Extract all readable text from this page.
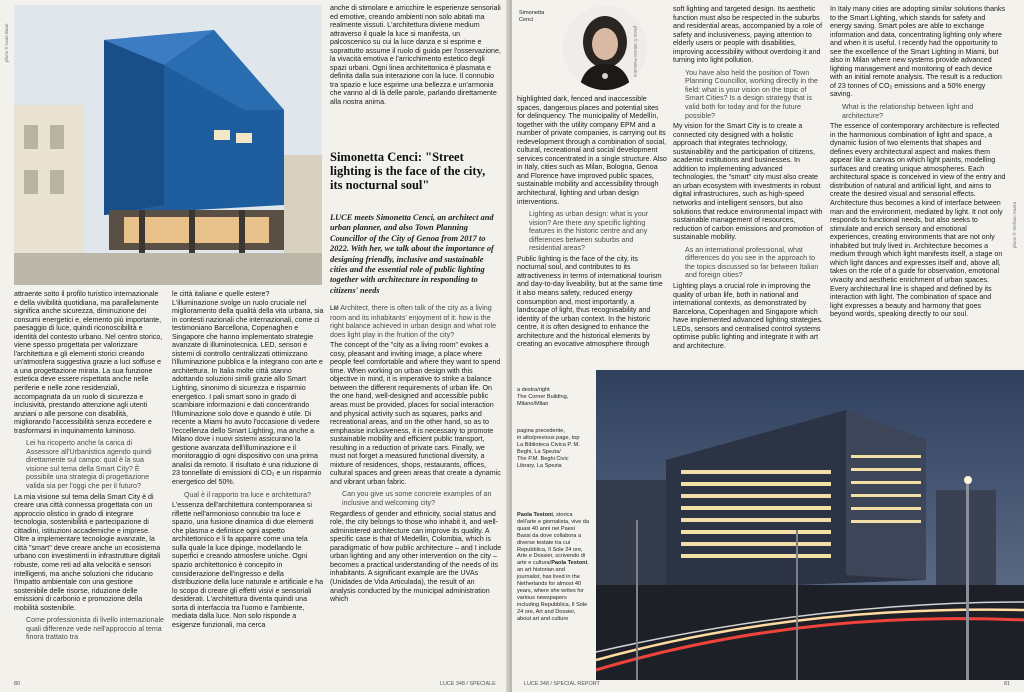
photo © Iwan Baan
Simonetta Cenci: "Street lighting is the face of the city, its nocturnal soul"
LUCE meets Simonetta Cenci, an architect and urban planner, and also Town Planning Councillor of the City of Genoa from 2017 to 2022. With her, we talk about the importance of designing friendly, inclusive and sustainable cities and the essential role of public lighting together with architecture in responding to citizens' needs

anche di stimolare e arricchire le esperienze sensoriali ed emotive, creando ambienti non solo abitati ma realmente vissuti. L'architettura diviene medium attraverso il quale la luce si manifesta, un palcoscenico su cui la luce danza e si esprime e soprattutto assume il ruolo di guida per l'osservazione, la vivacità emotiva e l'arricchimento estetico degli spazi urbani. Ogni linea architettonica è plasmata e definita dalla sua interazione con la luce. Il connubio tra spazio e luce esprime una bellezza e un'armonia che vanno al di là delle parole, parlando direttamente alla nostra anima.

attraente sotto il profilo turistico internazionale e della vivibilità quotidiana, ma parallelamente significa anche sicurezza, diminuzione dei consumi energetici e, elemento più importante, paesaggio di luce, quindi riconoscibilità e identità del contesto urbano. Nel centro storico, viene spesso progettata per valorizzare l'architettura e gli elementi storici creando un'atmosfera suggestiva grazie a luci soffuse e a una progettazione mirata. La sua funzione estetica deve essere rispettata anche nelle periferie e nelle zone residenziali, accompagnata da un ruolo di sicurezza e inclusività, prestando attenzione agli utenti anziani o alle persone con disabilità, migliorando l'accessibilità senza eccedere e trasformarsi in inquinamento luminoso.

Lei ha ricoperto anche la carica di Assessore all'Urbanistica agendo quindi direttamente sul campo: qual è la sua visione sul tema della Smart City? È possibile una strategia di progettazione valida sia per l'oggi che per il futuro?

La mia visione sul tema della Smart City è di creare una città connessa progettata con un approccio olistico in grado di integrare tecnologia, sostenibilità e partecipazione di cittadini, istituzioni accademiche e imprese. Oltre a implementare tecnologie avanzate, la città "smart" deve creare anche un ecosistema urbano con investimenti in infrastrutture digitali robuste, come reti ad alta velocità e sensori intelligenti, ma anche soluzioni che riducano l'impatto ambientale con una gestione sostenibile delle risorse, riduzione delle emissioni di carbonio e promozione della mobilità sostenibile.

Come professionista di livello internazionale quali differenze vede nell'approccio al tema finora trattato tra

le città italiane e quelle estere?

L'illuminazione svolge un ruolo cruciale nel miglioramento della qualità della vita urbana, sia in contesti nazionali che internazionali, come ci testimoniano Barcellona, Copenaghen e Singapore che hanno implementato strategie avanzate di illuminotecnica. LED, sensori e sistemi di controllo centralizzati ottimizzano l'illuminazione pubblica e la integrano con arte e architettura. In Italia molte città stanno adottando soluzioni simili grazie allo Smart Lighting, sinonimo di sicurezza e risparmio energetico. I pali smart sono in grado di scambiare informazioni e dati concentrando l'illuminazione solo dove e quando è utile. Di recente a Miami ho avuto l'occasione di vedere l'eccellenza dello Smart Lighting, ma anche a Milano dove i nuovi sistemi assicurano la gestione avanzata dell'illuminazione e il monitoraggio di ogni dispositivo con una prima analisi da remoto. Il risultato è una riduzione di 23 tonnellate di emissioni di CO₂ e un risparmio energetico del 50%.

Qual è il rapporto tra luce e architettura?

L'essenza dell'architettura contemporanea si riflette nell'armonioso connubio tra luce e spazio, una fusione dinamica di due elementi che plasma e definisce ogni aspetto architettonico e li fa apparire come una tela sulla quale la luce dipinge, modellando le superfici e creando atmosfere uniche. Ogni spazio architettonico è concepito in considerazione dell'ingresso e della distribuzione della luce naturale e artificiale e ha lo scopo di creare gli effetti visivi e sensoriali desiderati. L'architettura diventa quindi una sorta di interfaccia tra l'uomo e l'ambiente, mediata dalla luce. Non solo risponde a esigenze funzionali, ma cerca

LM Architect, there is often talk of the city as a living room and its inhabitants' enjoyment of it: how is the right balance achieved in urban design and what role does light play in the fruition of the city?

The concept of the "city as a living room" evokes a cosy, pleasant and inviting image, a place where people feel comfortable and where they want to spend time. When working on urban design with this objective in mind, it is imperative to strike a balance between the different requirements of urban life. On the one hand, well-designed and accessible public areas must be provided, places for social interaction and physical activity such as squares, parks and recreational areas, and on the other hand, so as to emphasise inclusiveness, it is necessary to promote sustainable mobility and efficient public transport, resulting in a reduction of private cars. Finally, we must not forget a measured functional diversity, a mixture of residences, shops, restaurants, offices, cultural spaces and green areas that create a dynamic and vibrant urban fabric.

Can you give us some concrete examples of an inclusive and welcoming city?

Regardless of gender and ethnicity, social status and role, the city belongs to those who inhabit it, and well-administered architecture can improve its quality. A specific case is that of Medellin, Colombia, which is paradigmatic of how public architecture – and I include urban lighting and any other intervention on the city – becomes a practical understanding of the needs of its inhabitants. A significant example are the UVAs (Unidades de Vida Articulada), the result of an analysis conducted by the municipal administration which

80	LUCE 348 / SPECIALE
Simonetta
Cenci
photo © Vittorio Pastorino

highlighted dark, fenced and inaccessible spaces, dangerous places and potential sites for delinquency. The municipality of Medellín, together with the utility company EPM and a number of private companies, is carrying out its redevelopment through a combination of social, cultural, recreational and social development services concentrated in a single structure. Also in Italy, cities such as Milan, Bologna, Genoa and Florence have improved public spaces, sustainable mobility and accessibility through architectural, lighting and urban design interventions.

Lighting as urban design: what is your vision? Are there any specific lighting features in the historic centre and any differences between suburbs and residential areas?

Public lighting is the face of the city, its nocturnal soul, and contributes to its attractiveness in terms of international tourism and day-to-day liveability, but at the same time it also means safety, reduced energy consumption and, most importantly, a landscape of light, thus recognisability and identity of the urban context. In the historic centre, it is often designed to enhance the architecture and the historical elements by creating an evocative atmosphere through

soft lighting and targeted design. Its aesthetic function must also be respected in the suburbs and residential areas, accompanied by a role of safety and inclusiveness, paying attention to elderly users or people with disabilities, improving accessibility without overdoing it and turning into light pollution.

You have also held the position of Town Planning Councillor, working directly in the field: what is your vision on the topic of Smart Cities? Is a design strategy that is valid both for today and for the future possible?

My vision for the Smart City is to create a connected city designed with a holistic approach that integrates technology, sustainability and the participation of citizens, academic institutions and businesses. In addition to implementing advanced technologies, the "smart" city must also create an urban ecosystem with investments in robust digital infrastructures, such as high-speed networks and intelligent sensors, but also solutions that reduce environmental impact with sustainable management of resources, reduction of carbon emissions and promotion of sustainable mobility.

As an international professional, what differences do you see in the approach to the topics discussed so far between Italian and foreign cities?

Lighting plays a crucial role in improving the quality of urban life, both in national and international contexts, as demonstrated by Barcelona, Copenhagen and Singapore which have implemented advanced lighting strategies. LEDs, sensors and centralised control systems optimise public lighting and integrate it with art and architecture.

In Italy many cities are adopting similar solutions thanks to the Smart Lighting, which stands for safety and energy saving. Smart poles are able to exchange information and data, concentrating lighting only where and when it is useful. I recently had the opportunity to see the excellence of the Smart Lighting in Miami, but also in Milan where new systems provide advanced lighting management and monitoring of each device with an initial remote analysis. The result is a reduction of 23 tonnes of CO₂ emissions and a 50% energy saving.

What is the relationship between light and architecture?

The essence of contemporary architecture is reflected in the harmonious combination of light and space, a dynamic fusion of two elements that shapes and defines every architectural aspect and makes them appear like a canvas on which light paints, modelling surfaces and creating unique atmospheres. Each architectural space is conceived in view of the entry and distribution of natural and artificial light, and aims to create the desired visual and sensorial effects. Architecture thus becomes a kind of interface between man and the environment, mediated by light. It not only responds to functional needs, but also seeks to stimulate and enrich sensory and emotional experiences, creating environments that are not only inhabited but truly lived in. Architecture becomes a medium through which light manifests itself, a stage on which light dances and expresses itself and, above all, takes on the role of a guide for observation, emotional vivacity and aesthetic enrichment of urban spaces. Every architectural line is shaped and defined by its interaction with light. The combination of space and light expresses a beauty and harmony that goes beyond words, speaking directly to our soul.

photo © Stefano Anzini
a destra/right
The Corner Building,
Milano/Milan
pagina precedente,
in alto/previous page, top
La Biblioteca Civica P. M.
Beghi, La Spezia/
The P.M. Beghi Civic
Library, La Spezia
Paola Testoni, storica dell'arte e giornalista, vive da quasi 40 anni nei Paesi Bassi da dove collabora a diverse testate tra cui Repubblica, Il Sole 24 ore, Arte e Dossier, scrivendo di arte e cultura/Paola Testoni, an art historian and journalist, has lived in the Netherlands for almost 40 years, where she writes for various newspapers including Repubblica, Il Sole 24 ore, Art and Dossier, about art and culture
LUCE 348 / SPECIAL REPORT	81
